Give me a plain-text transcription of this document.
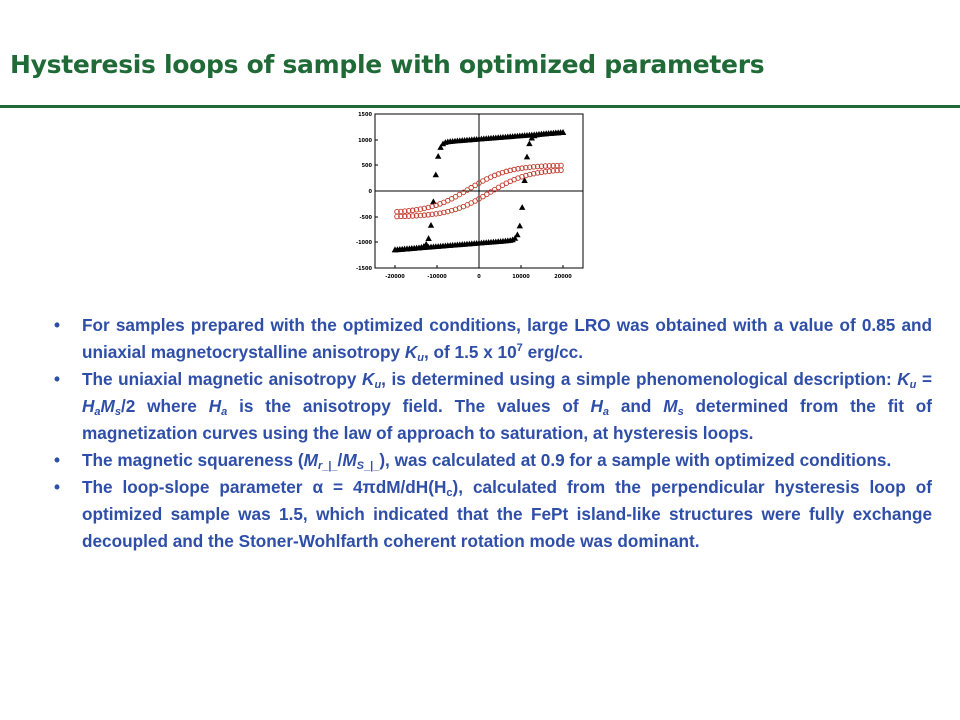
Hysteresis loops of sample with optimized parameters
1500
1000
500
0
-500
-1000
-1500
-20000	-10000	0	10000	20000
• For samples prepared with the optimized conditions, large LRO was obtained with a value of 0.85 and uniaxial magnetocrystalline anisotropy $K_u$, of 1.5 x $10^7$ erg/cc.
• The uniaxial magnetic anisotropy $K_u$, is determined using a simple phenomenological description: $K_u = H_aM_s/2$ where $H_a$ is the anisotropy field. The values of $H_a$ and $M_s$ determined from the fit of magnetization curves using the law of approach to saturation, at hysteresis loops.
• The magnetic squareness $(M_{r\_|\_}/M_{S\_|\_})$, was calculated at 0.9 for a sample with optimized conditions.
• The loop-slope parameter $\alpha = 4\pi dM/dH(H_c)$, calculated from the perpendicular hysteresis loop of optimized sample was 1.5, which indicated that the FePt island-like structures were fully exchange decoupled and the Stoner-Wohlfarth coherent rotation mode was dominant.
